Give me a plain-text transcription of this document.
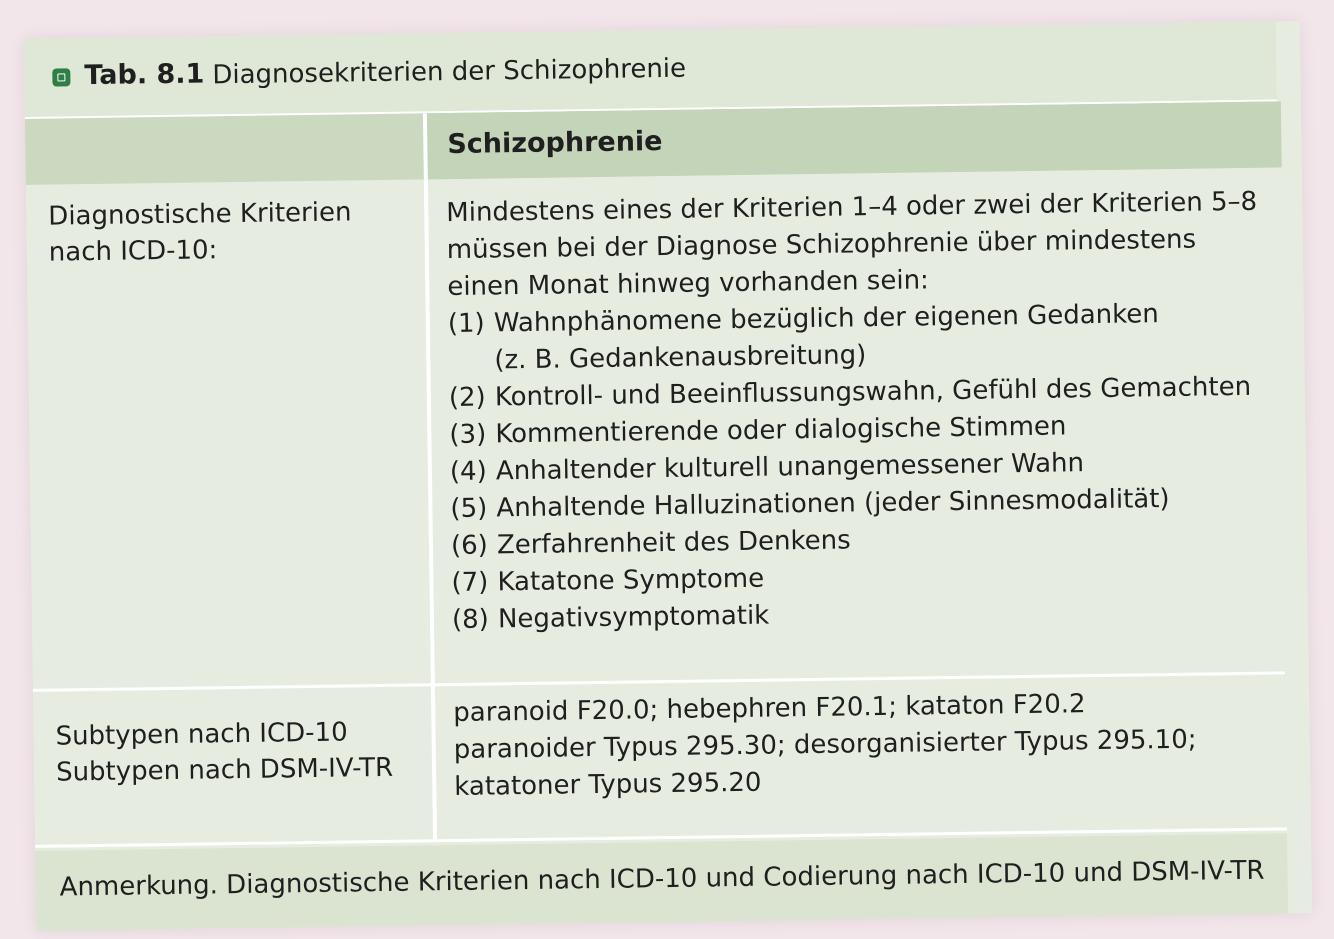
Tab. 8.1 Diagnosekriterien der Schizophrenie
Schizophrenie
Diagnostische Kriterien
nach ICD-10:
Mindestens eines der Kriterien 1–4 oder zwei der Kriterien 5–8 müssen bei der Diagnose Schizophrenie über mindestens einen Monat hinweg vorhanden sein:
(1) Wahnphänomene bezüglich der eigenen Gedanken
(z. B. Gedankenausbreitung)
(2) Kontroll- und Beeinflussungswahn, Gefühl des Gemachten
(3) Kommentierende oder dialogische Stimmen
(4) Anhaltender kulturell unangemessener Wahn
(5) Anhaltende Halluzinationen (jeder Sinnesmodalität)
(6) Zerfahrenheit des Denkens
(7) Katatone Symptome
(8) Negativsymptomatik
Subtypen nach ICD-10
Subtypen nach DSM-IV-TR
paranoid F20.0; hebephren F20.1; kataton F20.2
paranoider Typus 295.30; desorganisierter Typus 295.10; katatoner Typus 295.20
Anmerkung. Diagnostische Kriterien nach ICD-10 und Codierung nach ICD-10 und DSM-IV-TR
